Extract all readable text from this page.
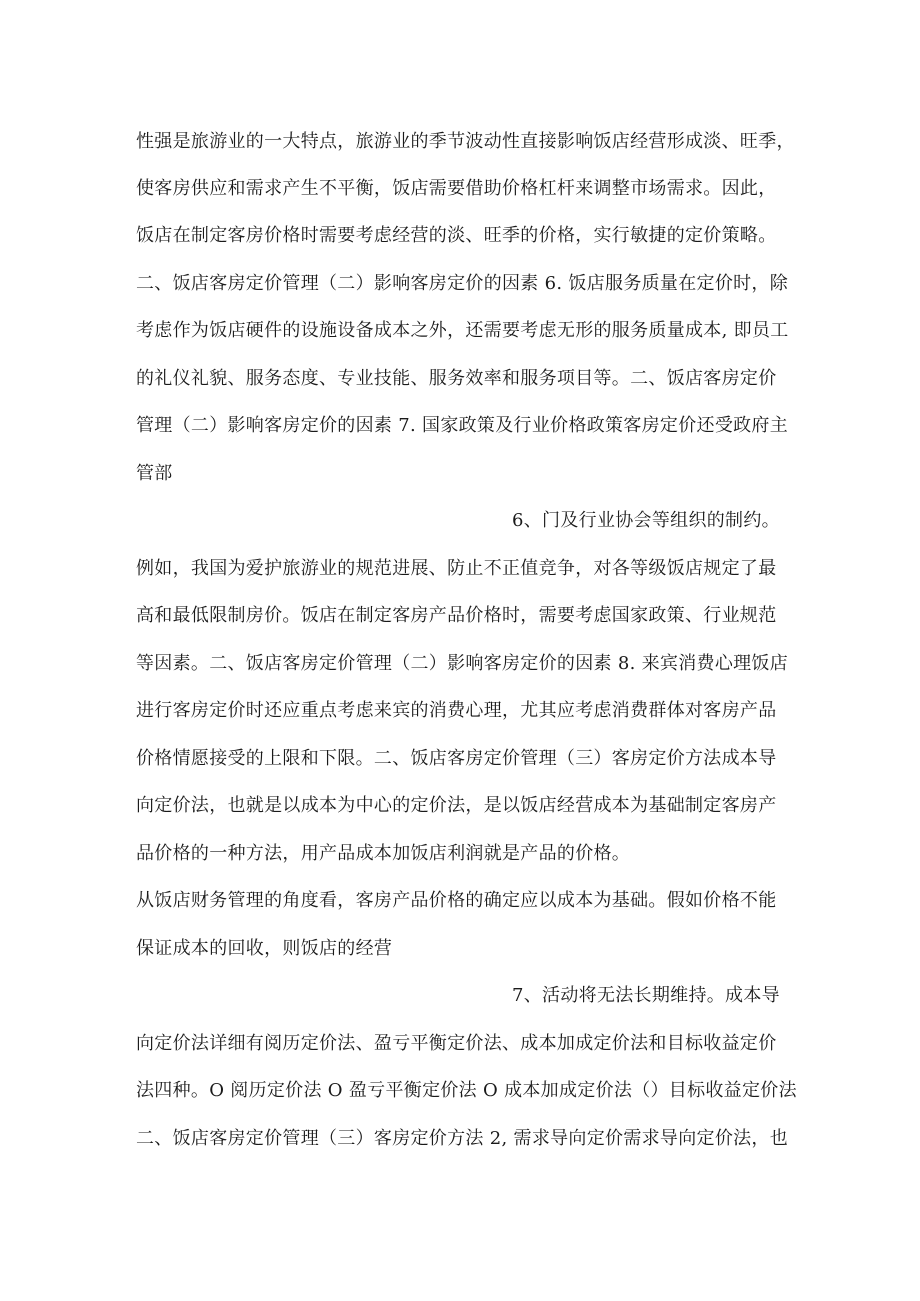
性强是旅游业的一大特点，旅游业的季节波动性直接影响饭店经营形成淡、旺季，
使客房供应和需求产生不平衡，饭店需要借助价格杠杆来调整市场需求。因此，
饭店在制定客房价格时需要考虑经营的淡、旺季的价格，实行敏捷的定价策略。
二、饭店客房定价管理（二）影响客房定价的因素 6. 饭店服务质量在定价时，除
考虑作为饭店硬件的设施设备成本之外，还需要考虑无形的服务质量成本, 即员工
的礼仪礼貌、服务态度、专业技能、服务效率和服务项目等。二、饭店客房定价
管理（二）影响客房定价的因素 7. 国家政策及行业价格政策客房定价还受政府主
管部
6、门及行业协会等组织的制约。
例如，我国为爱护旅游业的规范进展、防止不正值竞争，对各等级饭店规定了最
高和最低限制房价。饭店在制定客房产品价格时，需要考虑国家政策、行业规范
等因素。二、饭店客房定价管理（二）影响客房定价的因素 8. 来宾消费心理饭店
进行客房定价时还应重点考虑来宾的消费心理，尤其应考虑消费群体对客房产品
价格情愿接受的上限和下限。二、饭店客房定价管理（三）客房定价方法成本导
向定价法，也就是以成本为中心的定价法，是以饭店经营成本为基础制定客房产
品价格的一种方法，用产品成本加饭店利润就是产品的价格。
从饭店财务管理的角度看，客房产品价格的确定应以成本为基础。假如价格不能
保证成本的回收，则饭店的经营
7、活动将无法长期维持。成本导
向定价法详细有阅历定价法、盈亏平衡定价法、成本加成定价法和目标收益定价
法四种。O 阅历定价法 O 盈亏平衡定价法 O 成本加成定价法（）目标收益定价法
二、饭店客房定价管理（三）客房定价方法 2, 需求导向定价需求导向定价法，也
